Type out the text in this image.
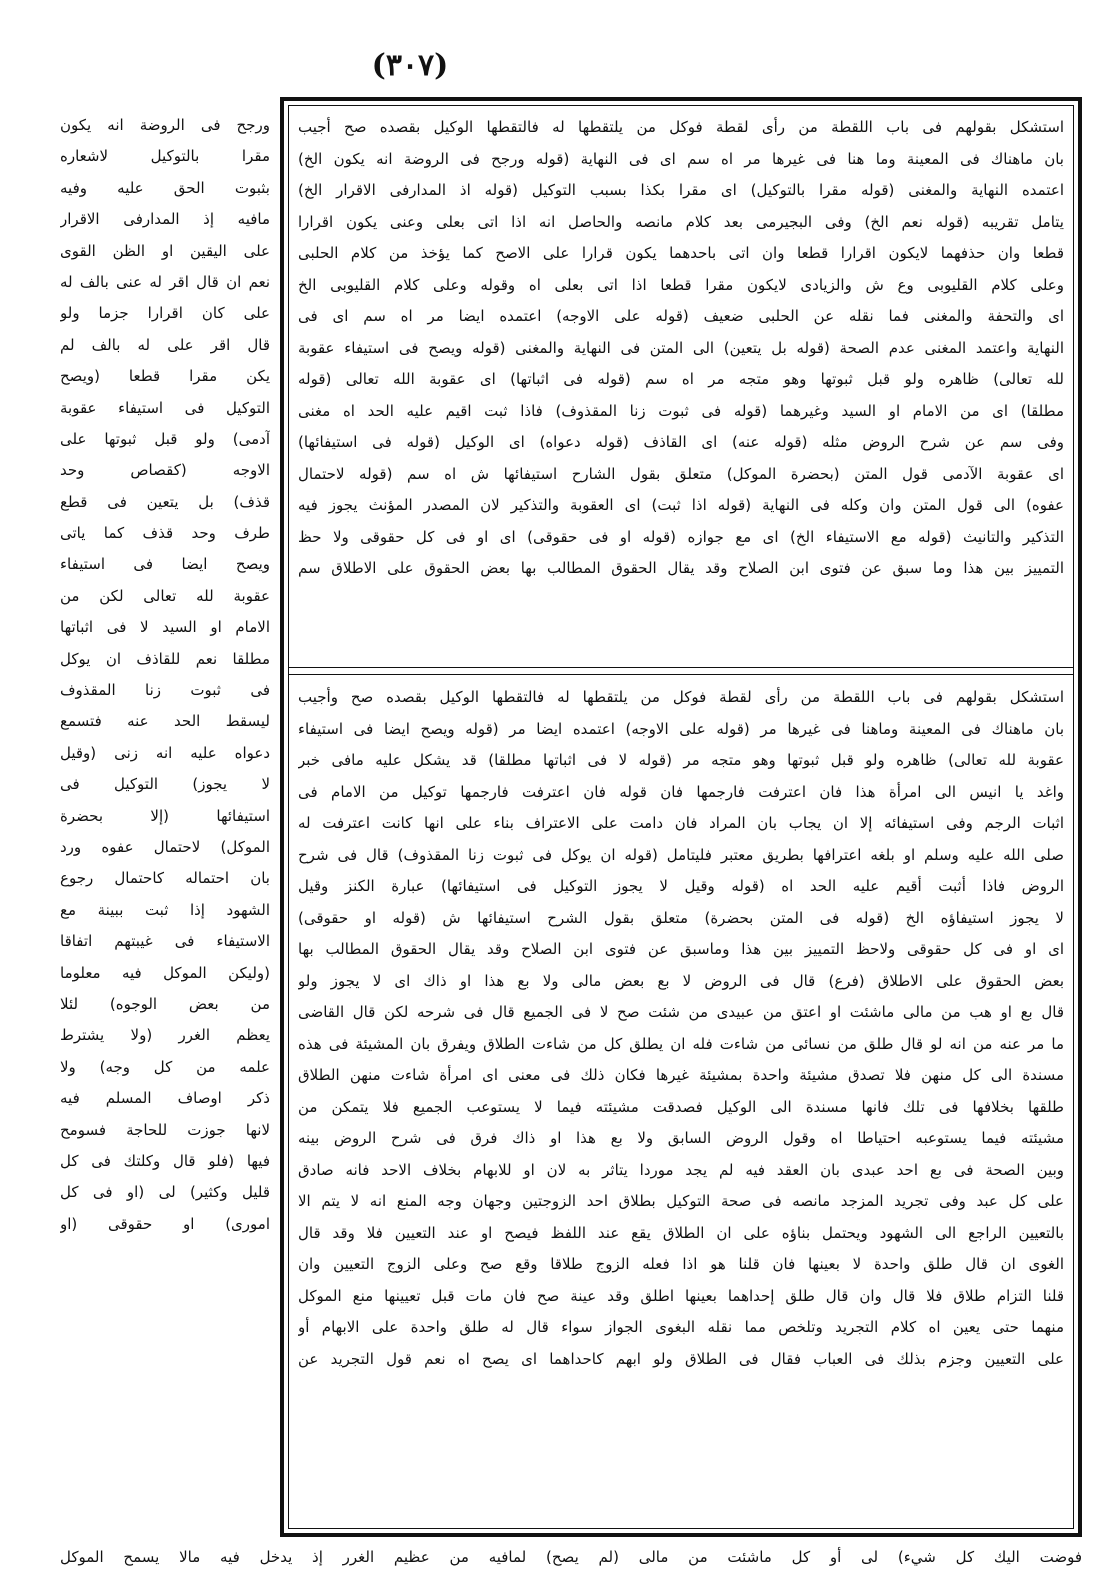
(٣٠٧)
استشكل بقولهم فى باب اللقطة من رأى لقطة فوكل من يلتقطها له فالتقطها الوكيل بقصده صح أجيب
بان ماهناك فى المعينة وما هنا فى غيرها مر اه سم اى فى النهاية (قوله ورجح فى الروضة انه يكون الخ)
اعتمده النهاية والمغنى (قوله مقرا بالتوكيل) اى مقرا بكذا بسبب التوكيل (قوله اذ المدارفى الاقرار الخ)
يتامل تقريبه (قوله نعم الخ) وفى البجيرمى بعد كلام مانصه والحاصل انه اذا اتى بعلى وعنى يكون اقرارا
قطعا وان حذفهما لايكون اقرارا قطعا وان اتى باحدهما يكون قرارا على الاصح كما يؤخذ من كلام الحلبى
وعلى كلام القليوبى وع ش والزيادى لايكون مقرا قطعا اذا اتى بعلى اه وقوله وعلى كلام القليوبى الخ
اى والتحفة والمغنى فما نقله عن الحلبى ضعيف (قوله على الاوجه) اعتمده ايضا مر اه سم اى فى
النهاية واعتمد المغنى عدم الصحة (قوله بل يتعين) الى المتن فى النهاية والمغنى (قوله ويصح فى استيفاء عقوبة
لله تعالى) ظاهره ولو قبل ثبوتها وهو متجه مر اه سم (قوله فى اثباتها) اى عقوبة الله تعالى (قوله
مطلقا) اى من الامام او السيد وغيرهما (قوله فى ثبوت زنا المقذوف) فاذا ثبت اقيم عليه الحد اه مغنى
وفى سم عن شرح الروض مثله (قوله عنه) اى القاذف (قوله دعواه) اى الوكيل (قوله فى استيفائها)
اى عقوبة الآدمى قول المتن (بحضرة الموكل) متعلق بقول الشارح استيفائها ش اه سم (قوله لاحتمال
عفوه) الى قول المتن وان وكله فى النهاية (قوله اذا ثبت) اى العقوبة والتذكير لان المصدر المؤنث يجوز فيه
التذكير والتانيث (قوله مع الاستيفاء الخ) اى مع جوازه (قوله او فى حقوقى) اى او فى كل حقوقى ولا حظ
التمييز بين هذا وما سبق عن فتوى ابن الصلاح وقد يقال الحقوق المطالب بها بعض الحقوق على الاطلاق سم
استشكل بقولهم فى باب اللقطة من رأى لقطة فوكل من يلتقطها له فالتقطها الوكيل بقصده صح وأجيب
بان ماهناك فى المعينة وماهنا فى غيرها مر (قوله على الاوجه) اعتمده ايضا مر (قوله ويصح ايضا فى استيفاء
عقوبة لله تعالى) ظاهره ولو قبل ثبوتها وهو متجه مر (قوله لا فى اثباتها مطلقا) قد يشكل عليه مافى خبر
واغد يا انيس الى امرأة هذا فان اعترفت فارجمها فان قوله فان اعترفت فارجمها توكيل من الامام فى
اثبات الرجم وفى استيفائه إلا ان يجاب بان المراد فان دامت على الاعتراف بناء على انها كانت اعترفت له
صلى الله عليه وسلم او بلغه اعترافها بطريق معتبر فليتامل (قوله ان يوكل فى ثبوت زنا المقذوف) قال فى شرح
الروض فاذا أثبت أقيم عليه الحد اه (قوله وقيل لا يجوز التوكيل فى استيفائها) عبارة الكنز وقيل
لا يجوز استيفاؤه الخ (قوله فى المتن بحضرة) متعلق بقول الشرح استيفائها ش (قوله او حقوقى)
اى او فى كل حقوقى ولاحظ التمييز بين هذا وماسبق عن فتوى ابن الصلاح وقد يقال الحقوق المطالب بها
بعض الحقوق على الاطلاق (فرع) قال فى الروض لا بع بعض مالى ولا بع هذا او ذاك اى لا يجوز ولو
قال بع او هب من مالى ماشئت او اعتق من عبيدى من شئت صح لا فى الجميع قال فى شرحه لكن قال القاضى
ما مر عنه من انه لو قال طلق من نسائى من شاءت فله ان يطلق كل من شاءت الطلاق ويفرق بان المشيئة فى هذه
مسندة الى كل منهن فلا تصدق مشيئة واحدة بمشيئة غيرها فكان ذلك فى معنى اى امرأة شاءت منهن الطلاق
طلقها بخلافها فى تلك فانها مسندة الى الوكيل فصدقت مشيئته فيما لا يستوعب الجميع فلا يتمكن من
مشيئته فيما يستوعبه احتياطا اه وقول الروض السابق ولا بع هذا او ذاك فرق فى شرح الروض بينه
وبين الصحة فى بع احد عبدى بان العقد فيه لم يجد موردا يتاثر به لان او للابهام بخلاف الاحد فانه صادق
على كل عبد وفى تجريد المزجد مانصه فى صحة التوكيل بطلاق احد الزوجتين وجهان وجه المنع انه لا يتم الا
بالتعيين الراجع الى الشهود ويحتمل بناؤه على ان الطلاق يقع عند اللفظ فيصح او عند التعيين فلا وقد قال
الغوى ان قال طلق واحدة لا بعينها فان قلنا هو اذا فعله الزوج طلاقا وقع صح وعلى الزوج التعيين وان
قلنا التزام طلاق فلا قال وان قال طلق إحداهما بعينها اطلق وقد عينة صح فان مات قبل تعيينها منع الموكل
منهما حتى يعين اه كلام التجريد وتلخص مما نقله البغوى الجواز سواء قال له طلق واحدة على الابهام أو
على التعيين وجزم بذلك فى العباب فقال فى الطلاق ولو ابهم كاحداهما اى يصح اه نعم قول التجريد عن
ورجح فى الروضة انه يكون
مقرا بالتوكيل لاشعاره
بثبوت الحق عليه وفيه
مافيه إذ المدارفى الاقرار
على اليقين او الظن القوى
نعم ان قال اقر له عنى بالف له
على كان اقرارا جزما ولو
قال اقر على له بالف لم
يكن مقرا قطعا (ويصح
التوكيل فى استيفاء عقوبة
آدمى) ولو قبل ثبوتها على
الاوجه (كقصاص وحد
قذف) بل يتعين فى قطع
طرف وحد قذف كما ياتى
ويصح ايضا فى استيفاء
عقوبة لله تعالى لكن من
الامام او السيد لا فى اثباتها
مطلقا نعم للقاذف ان يوكل
فى ثبوت زنا المقذوف
ليسقط الحد عنه فتسمع
دعواه عليه انه زنى (وقيل
لا يجوز) التوكيل فى
استيفائها (إلا بحضرة
الموكل) لاحتمال عفوه ورد
بان احتماله كاحتمال رجوع
الشهود إذا ثبت ببينة مع
الاستيفاء فى غيبتهم اتفاقا
(وليكن الموكل فيه معلوما
من بعض الوجوه) لئلا
يعظم الغرر (ولا يشترط
علمه من كل وجه) ولا
ذكر اوصاف المسلم فيه
لانها جوزت للحاجة فسومح
فيها (فلو قال وكلتك فى كل
قليل وكثير) لى (او فى كل
امورى) او حقوقى (او
فوضت اليك كل شيء) لى أو كل ماشئت من مالى (لم يصح) لمافيه من عظيم الغرر إذ يدخل فيه مالا يسمح الموكل
